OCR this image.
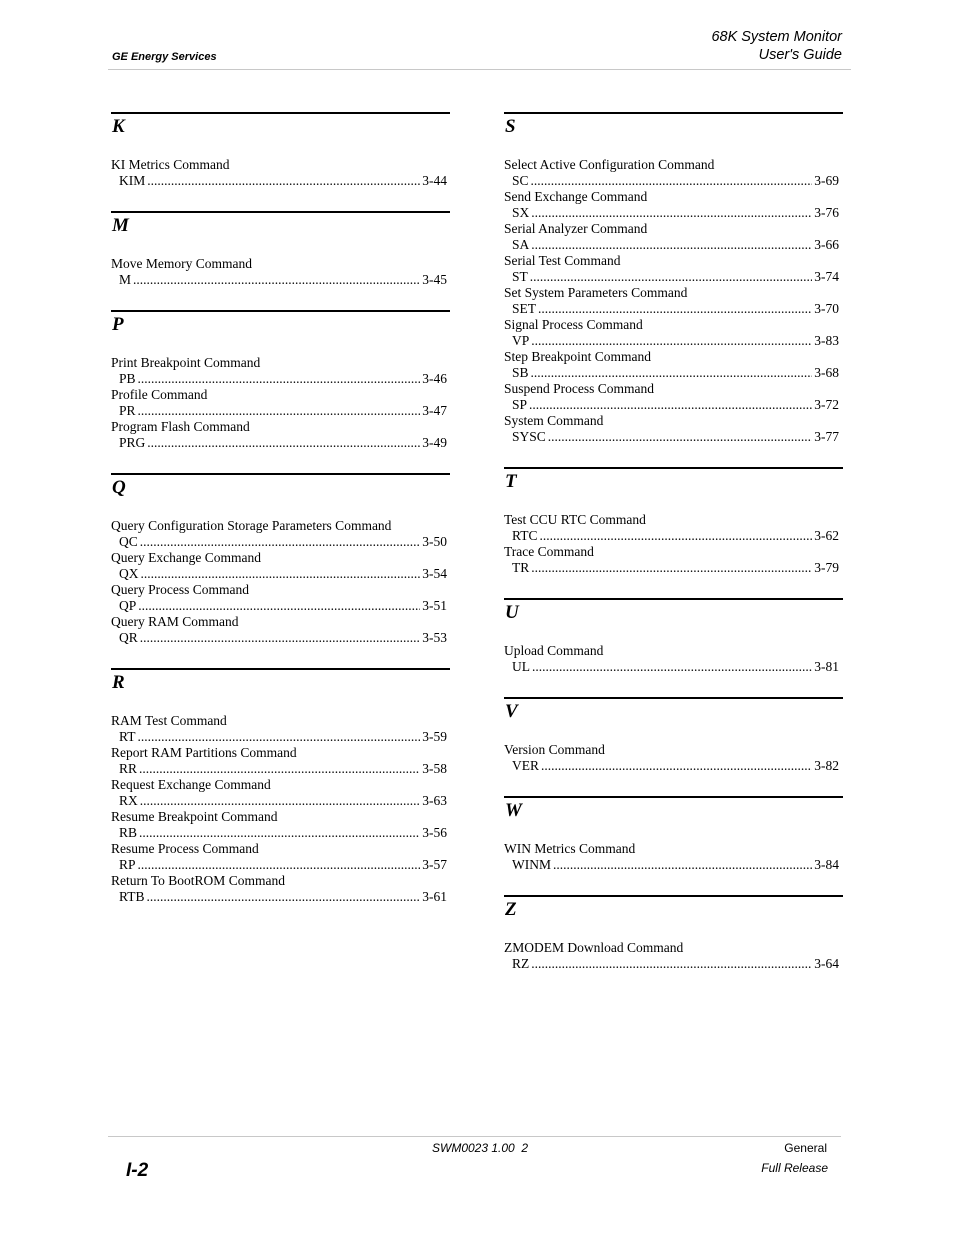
GE Energy Services
68K System Monitor
User's Guide
K
KI Metrics Command
KIM .....	3-44
M
Move Memory Command
M .....	3-45
P
Print Breakpoint Command
PB .....	3-46
Profile Command
PR .....	3-47
Program Flash Command
PRG .....	3-49
Q
Query Configuration Storage Parameters Command
QC .....	3-50
Query Exchange Command
QX .....	3-54
Query Process Command
QP .....	3-51
Query RAM Command
QR .....	3-53
R
RAM Test Command
RT .....	3-59
Report RAM Partitions Command
RR .....	3-58
Request Exchange Command
RX .....	3-63
Resume Breakpoint Command
RB .....	3-56
Resume Process Command
RP .....	3-57
Return To BootROM Command
RTB .....	3-61
S
Select Active Configuration Command
SC .....	3-69
Send Exchange Command
SX .....	3-76
Serial Analyzer Command
SA .....	3-66
Serial Test Command
ST .....	3-74
Set System Parameters Command
SET .....	3-70
Signal Process Command
VP .....	3-83
Step Breakpoint Command
SB .....	3-68
Suspend Process Command
SP .....	3-72
System Command
SYSC .....	3-77
T
Test CCU RTC Command
RTC .....	3-62
Trace Command
TR .....	3-79
U
Upload Command
UL .....	3-81
V
Version Command
VER .....	3-82
W
WIN Metrics Command
WINM .....	3-84
Z
ZMODEM Download Command
RZ .....	3-64
I-2
SWM0023 1.00  2	General
Full Release
